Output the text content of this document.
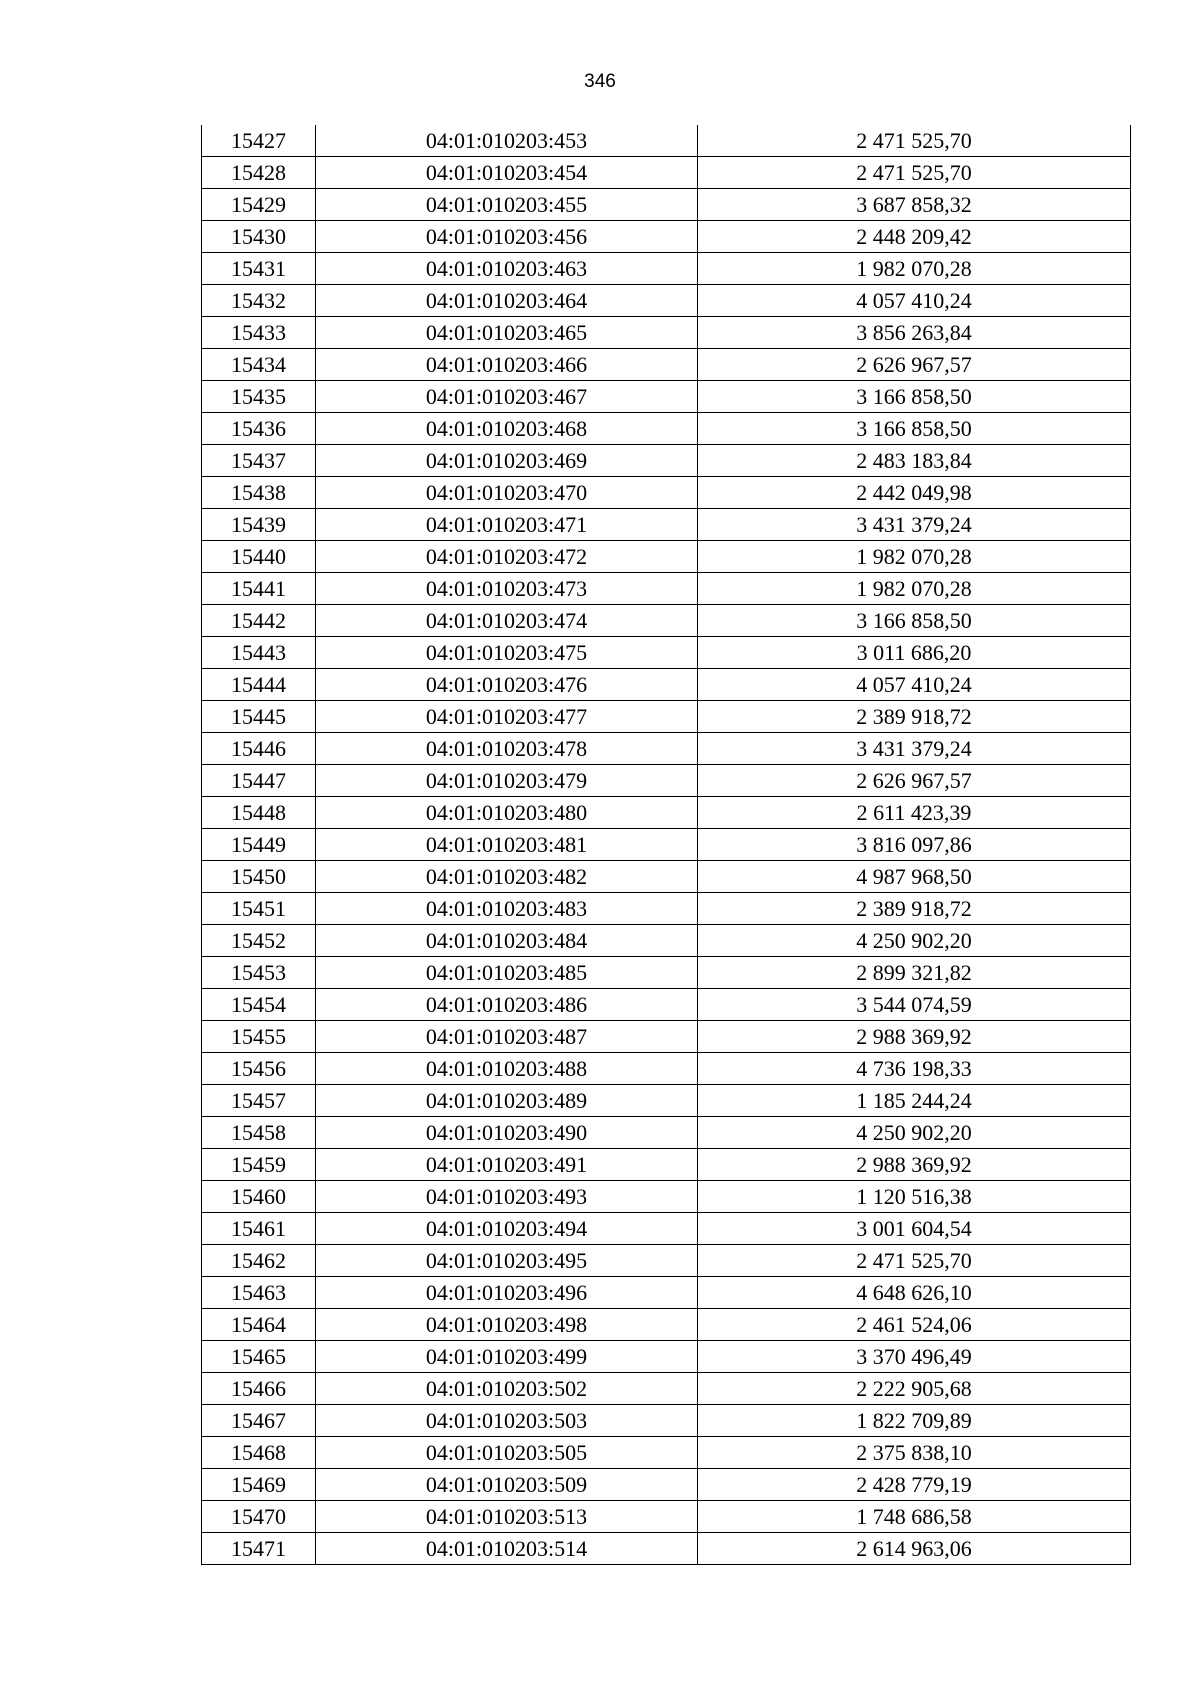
346
15427	04:01:010203:453	2 471 525,70
15428	04:01:010203:454	2 471 525,70
15429	04:01:010203:455	3 687 858,32
15430	04:01:010203:456	2 448 209,42
15431	04:01:010203:463	1 982 070,28
15432	04:01:010203:464	4 057 410,24
15433	04:01:010203:465	3 856 263,84
15434	04:01:010203:466	2 626 967,57
15435	04:01:010203:467	3 166 858,50
15436	04:01:010203:468	3 166 858,50
15437	04:01:010203:469	2 483 183,84
15438	04:01:010203:470	2 442 049,98
15439	04:01:010203:471	3 431 379,24
15440	04:01:010203:472	1 982 070,28
15441	04:01:010203:473	1 982 070,28
15442	04:01:010203:474	3 166 858,50
15443	04:01:010203:475	3 011 686,20
15444	04:01:010203:476	4 057 410,24
15445	04:01:010203:477	2 389 918,72
15446	04:01:010203:478	3 431 379,24
15447	04:01:010203:479	2 626 967,57
15448	04:01:010203:480	2 611 423,39
15449	04:01:010203:481	3 816 097,86
15450	04:01:010203:482	4 987 968,50
15451	04:01:010203:483	2 389 918,72
15452	04:01:010203:484	4 250 902,20
15453	04:01:010203:485	2 899 321,82
15454	04:01:010203:486	3 544 074,59
15455	04:01:010203:487	2 988 369,92
15456	04:01:010203:488	4 736 198,33
15457	04:01:010203:489	1 185 244,24
15458	04:01:010203:490	4 250 902,20
15459	04:01:010203:491	2 988 369,92
15460	04:01:010203:493	1 120 516,38
15461	04:01:010203:494	3 001 604,54
15462	04:01:010203:495	2 471 525,70
15463	04:01:010203:496	4 648 626,10
15464	04:01:010203:498	2 461 524,06
15465	04:01:010203:499	3 370 496,49
15466	04:01:010203:502	2 222 905,68
15467	04:01:010203:503	1 822 709,89
15468	04:01:010203:505	2 375 838,10
15469	04:01:010203:509	2 428 779,19
15470	04:01:010203:513	1 748 686,58
15471	04:01:010203:514	2 614 963,06
